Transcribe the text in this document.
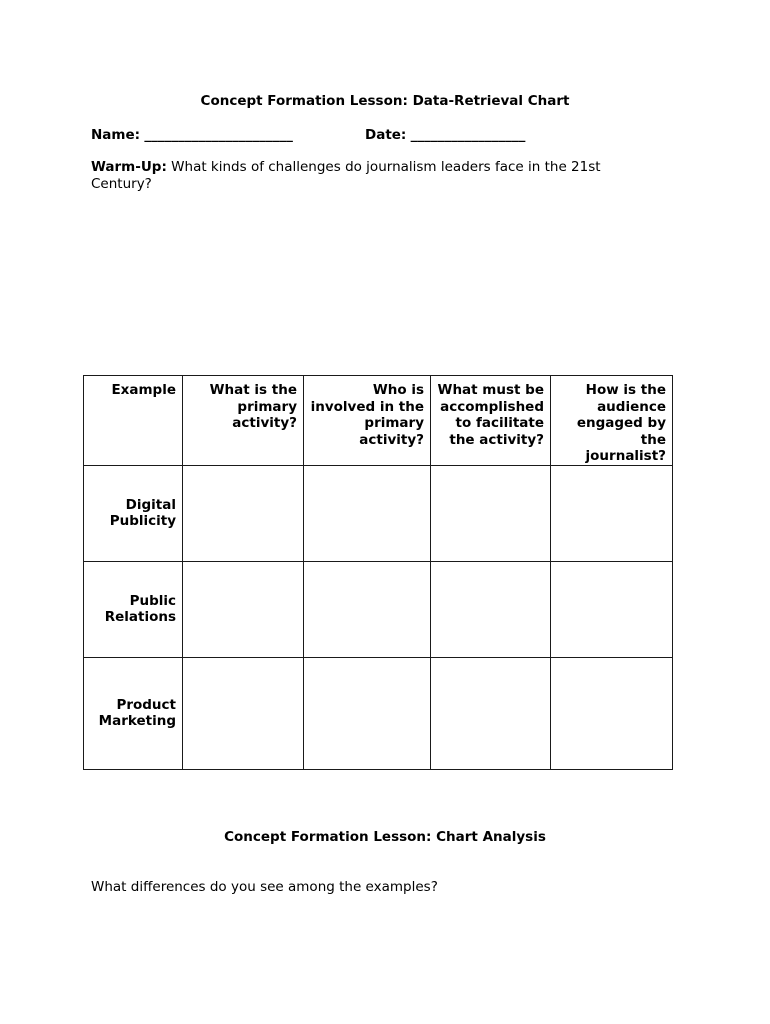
Concept Formation Lesson: Data-Retrieval Chart
Name: ______________________	Date: _________________
Warm-Up: What kinds of challenges do journalism leaders face in the 21st Century?
Example	What is the primary activity?	Who is involved in the primary activity?	What must be accomplished to facilitate the activity?	How is the audience engaged by the journalist?
Digital Publicity				
Public Relations				
Product Marketing				
Concept Formation Lesson: Chart Analysis
What differences do you see among the examples?
